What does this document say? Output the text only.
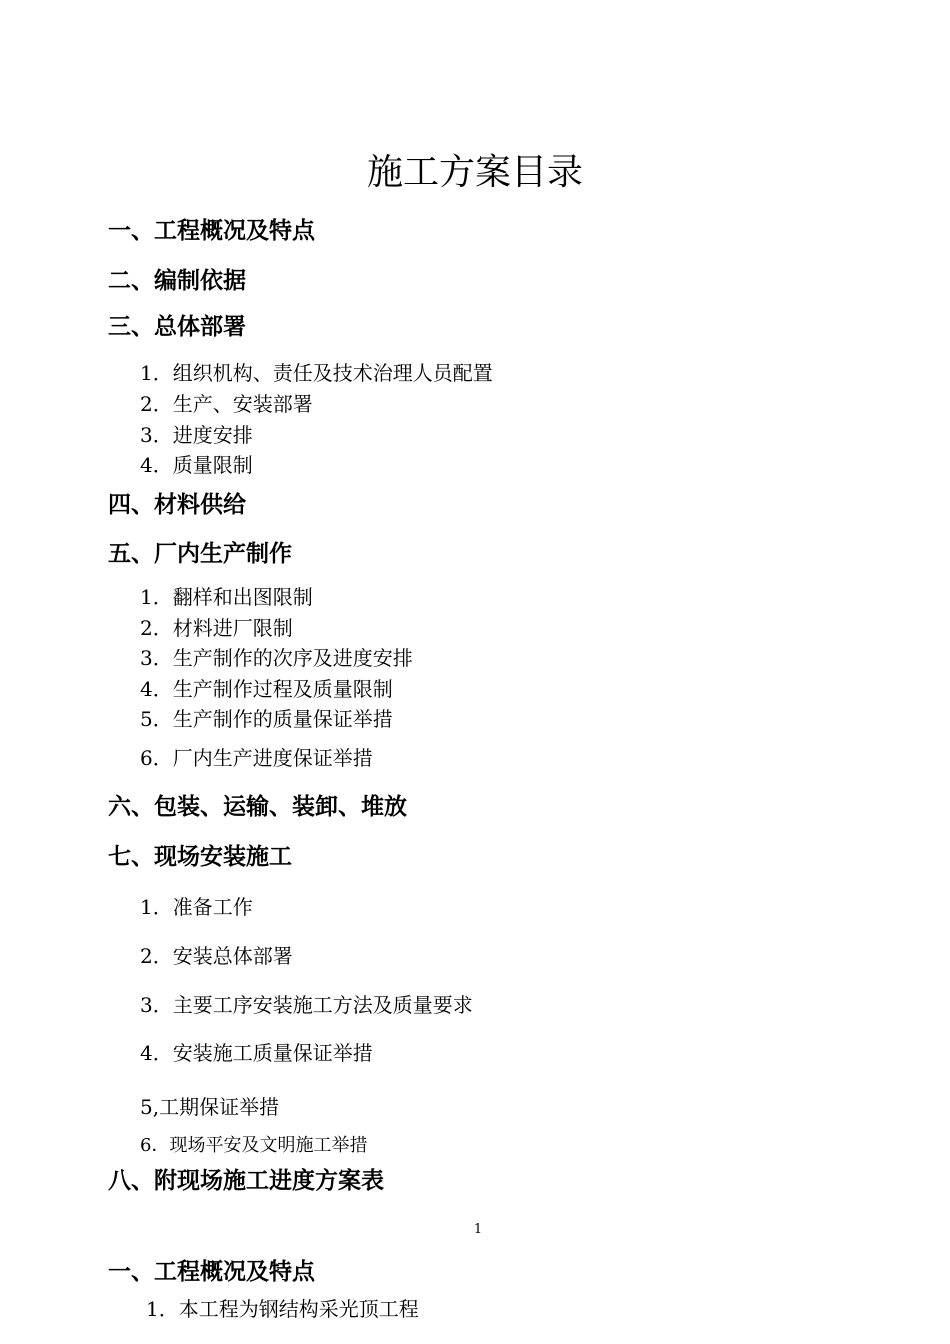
施工方案目录
一、工程概况及特点
二、编制依据
三、总体部署
1．组织机构、责任及技术治理人员配置
2．生产、安装部署
3．进度安排
4．质量限制
四、材料供给
五、厂内生产制作
1．翻样和出图限制
2．材料进厂限制
3．生产制作的次序及进度安排
4．生产制作过程及质量限制
5．生产制作的质量保证举措
6．厂内生产进度保证举措
六、包装、运输、装卸、堆放
七、现场安装施工
1．准备工作
2．安装总体部署
3．主要工序安装施工方法及质量要求
4．安装施工质量保证举措
5,工期保证举措
6．现场平安及文明施工举措
八、附现场施工进度方案表
1
一、工程概况及特点
1．本工程为钢结构采光顶工程
